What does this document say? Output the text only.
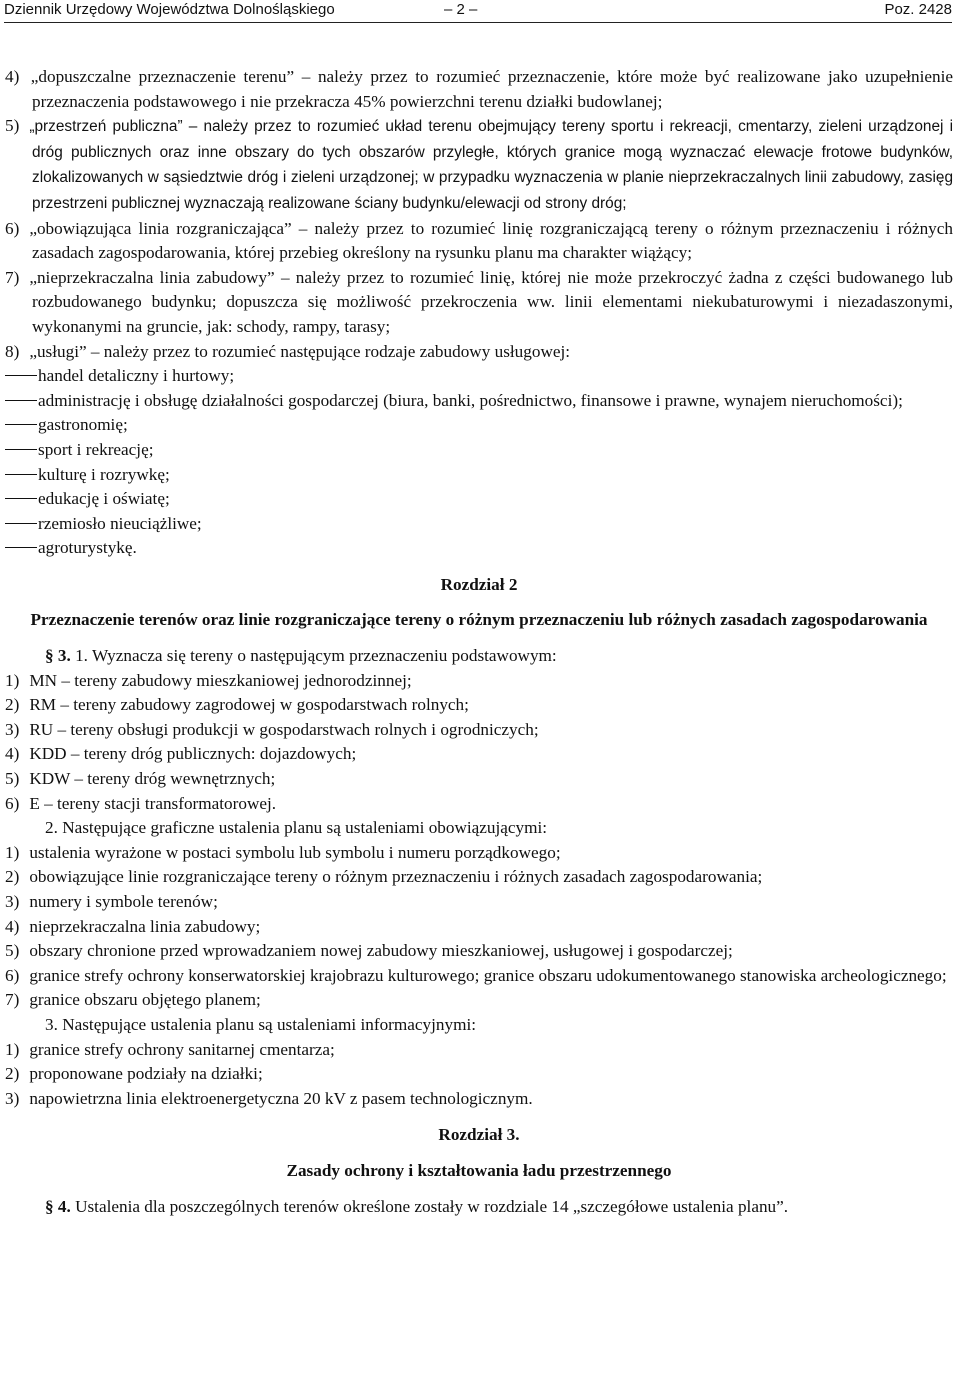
Dziennik Urzędowy Województwa Dolnośląskiego	– 2 –	Poz. 2428

4)  „dopuszczalne przeznaczenie terenu” – należy przez to rozumieć przeznaczenie, które może być realizowane jako uzupełnienie przeznaczenia podstawowego i nie przekracza 45% powierzchni terenu działki budowlanej;

5) „przestrzeń publiczna” – należy przez to rozumieć układ terenu obejmujący tereny sportu i rekreacji, cmentarzy, zieleni urządzonej i dróg publicznych oraz inne obszary do tych obszarów przyległe, których granice mogą wyznaczać elewacje frotowe budynków, zlokalizowanych w sąsiedztwie dróg i zieleni urządzonej; w przypadku wyznaczenia w planie nieprzekraczalnych linii zabudowy, zasięg przestrzeni publicznej wyznaczają realizowane ściany budynku/elewacji od strony dróg;

6) „obowiązująca linia rozgraniczająca” – należy przez to rozumieć linię rozgraniczającą tereny o różnym przeznaczeniu i różnych zasadach zagospodarowania, której przebieg określony na rysunku planu ma charakter wiążący;

7) „nieprzekraczalna linia zabudowy” – należy przez to rozumieć linię, której nie może przekroczyć żadna z części budowanego lub rozbudowanego budynku; dopuszcza się możliwość przekroczenia ww. linii elementami niekubaturowymi i niezadaszonymi, wykonanymi na gruncie, jak: schody, rampy, tarasy;

8) „usługi” – należy przez to rozumieć następujące rodzaje zabudowy usługowej:

handel detaliczny i hurtowy;

administrację i obsługę działalności gospodarczej (biura, banki, pośrednictwo, finansowe i prawne, wynajem nieruchomości);

gastronomię;

sport i rekreację;

kulturę i rozrywkę;

edukację i oświatę;

rzemiosło nieuciążliwe;

agroturystykę.

Rozdział 2

Przeznaczenie terenów oraz linie rozgraniczające tereny o różnym przeznaczeniu lub różnych zasadach zagospodarowania

§ 3. 1. Wyznacza się tereny o następującym przeznaczeniu podstawowym:

1) MN – tereny zabudowy mieszkaniowej jednorodzinnej;

2) RM – tereny zabudowy zagrodowej w gospodarstwach rolnych;

3) RU – tereny obsługi produkcji w gospodarstwach rolnych i ogrodniczych;

4) KDD – tereny dróg publicznych: dojazdowych;

5) KDW – tereny dróg wewnętrznych;

6) E – tereny stacji transformatorowej.

2. Następujące graficzne ustalenia planu są ustaleniami obowiązującymi:

1) ustalenia wyrażone w postaci symbolu lub symbolu i numeru porządkowego;

2) obowiązujące linie rozgraniczające tereny o różnym przeznaczeniu i różnych zasadach zagospodarowania;

3) numery i symbole terenów;

4) nieprzekraczalna linia zabudowy;

5) obszary chronione przed wprowadzaniem nowej zabudowy mieszkaniowej, usługowej i gospodarczej;

6) granice strefy ochrony konserwatorskiej krajobrazu kulturowego; granice obszaru udokumentowanego stanowiska archeologicznego;

7) granice obszaru objętego planem;

3. Następujące ustalenia planu są ustaleniami informacyjnymi:

1) granice strefy ochrony sanitarnej cmentarza;

2) proponowane podziały na działki;

3) napowietrzna linia elektroenergetyczna 20 kV z pasem technologicznym.

Rozdział 3.

Zasady ochrony i kształtowania ładu przestrzennego

§ 4. Ustalenia dla poszczególnych terenów określone zostały w rozdziale 14 „szczegółowe ustalenia planu”.
